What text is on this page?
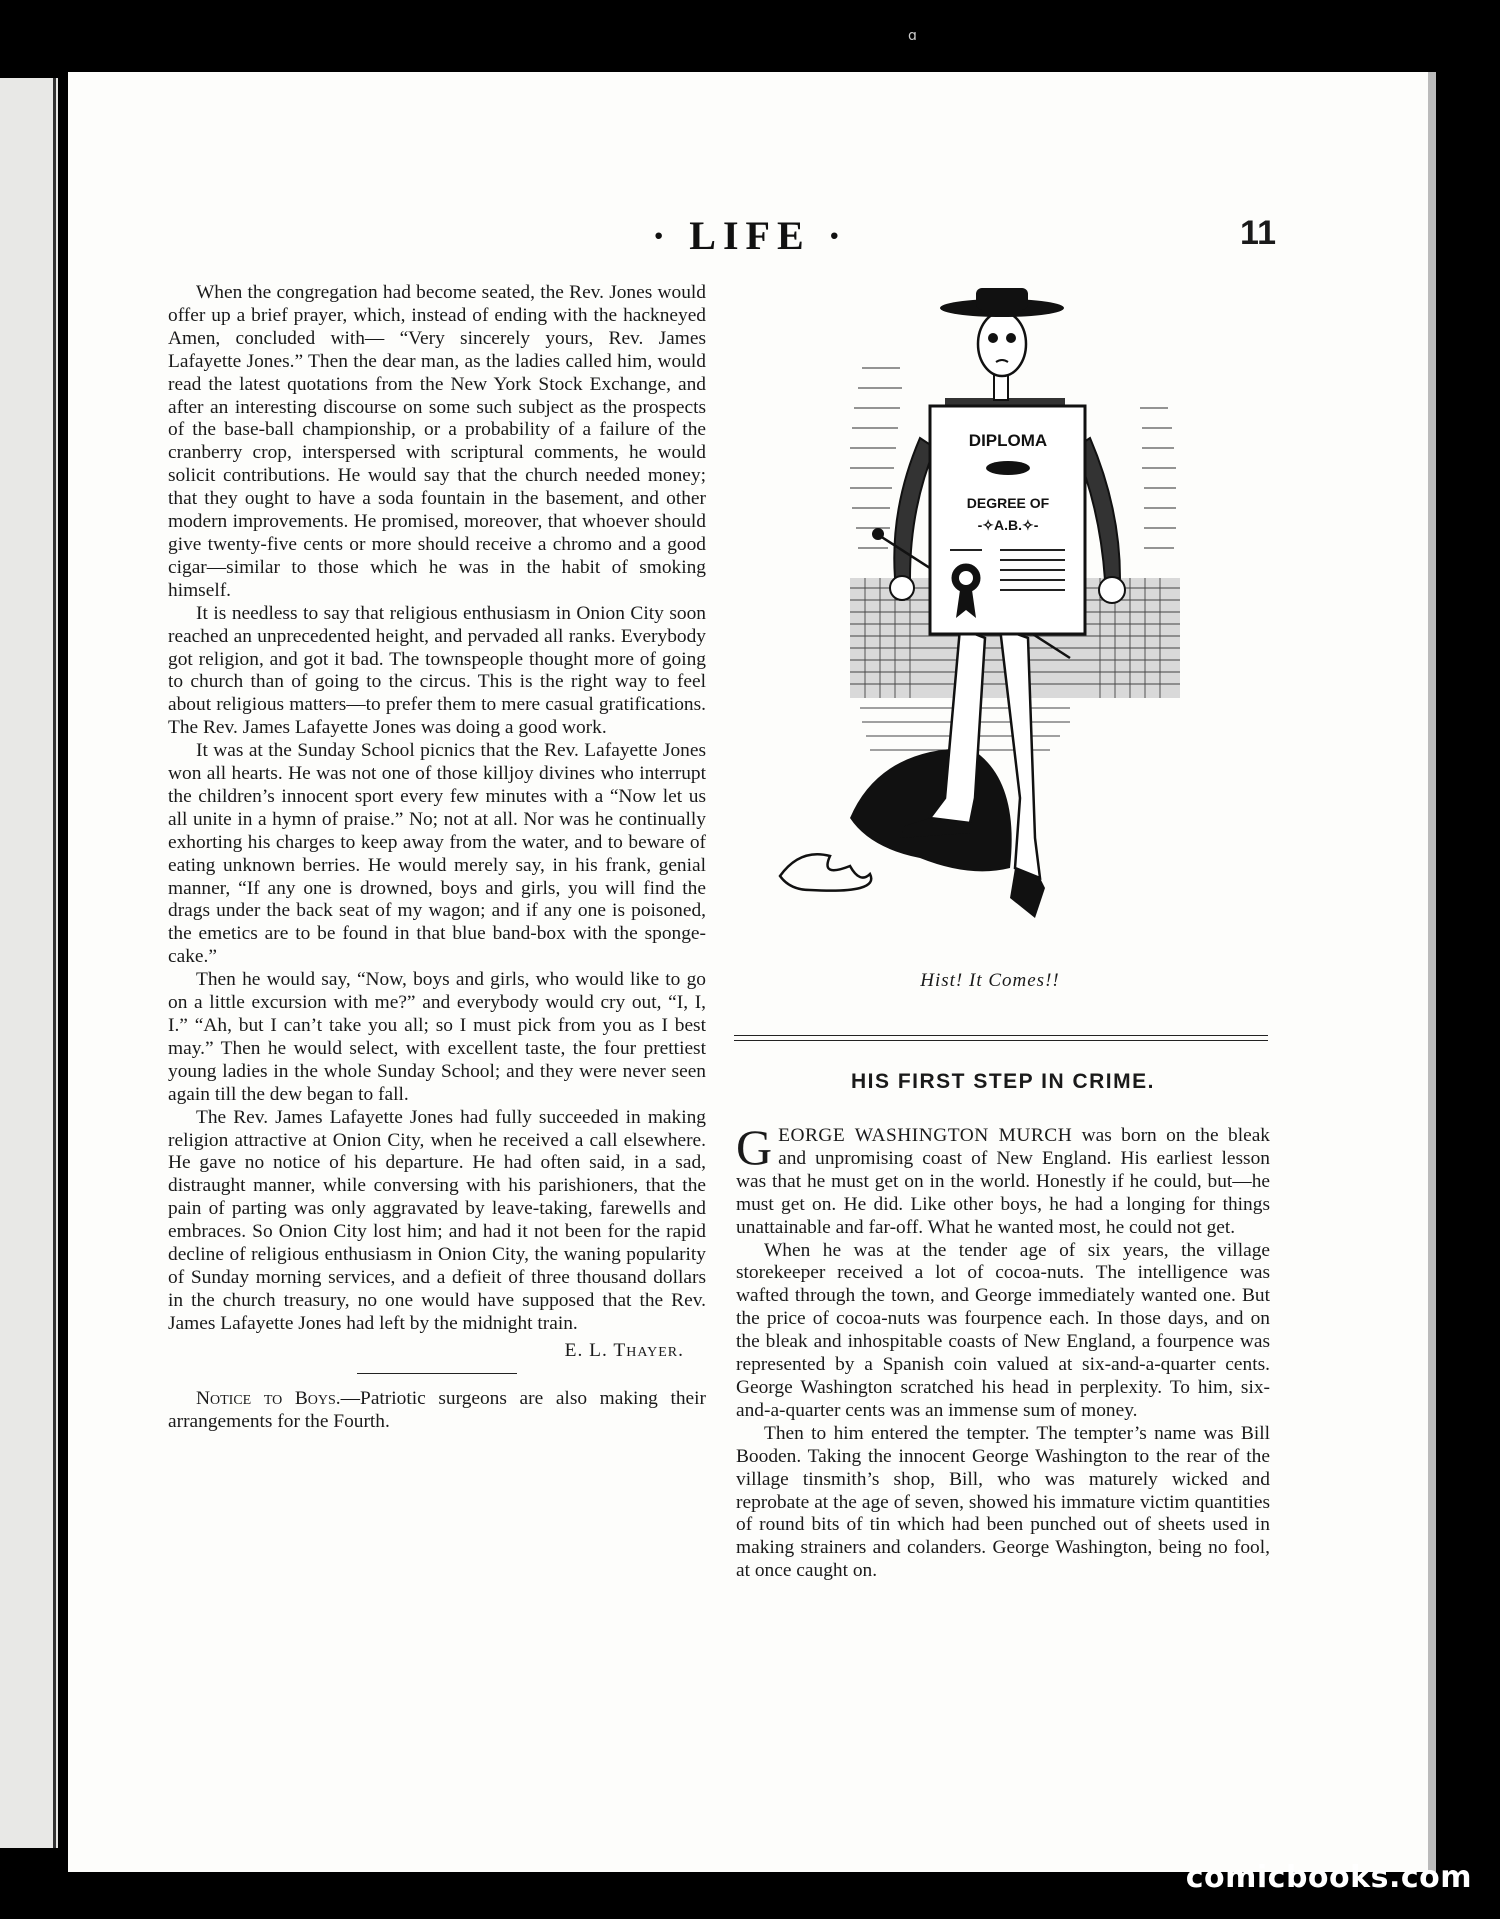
ɑ
· LIFE ·	11

When the congregation had become seated, the Rev. Jones would offer up a brief prayer, which, instead of ending with the hackneyed Amen, concluded with— “Very sincerely yours, Rev. James Lafayette Jones.” Then the dear man, as the ladies called him, would read the latest quotations from the New York Stock Exchange, and after an interesting discourse on some such subject as the prospects of the base-ball championship, or a probability of a failure of the cranberry crop, interspersed with scriptural comments, he would solicit contributions. He would say that the church needed money; that they ought to have a soda fountain in the basement, and other modern improvements. He promised, moreover, that whoever should give twenty-five cents or more should receive a chromo and a good cigar—similar to those which he was in the habit of smoking himself.

It is needless to say that religious enthusiasm in Onion City soon reached an unprecedented height, and pervaded all ranks. Everybody got religion, and got it bad. The townspeople thought more of going to church than of going to the circus. This is the right way to feel about religious matters—to prefer them to mere casual gratifications. The Rev. James Lafayette Jones was doing a good work.

It was at the Sunday School picnics that the Rev. Lafayette Jones won all hearts. He was not one of those killjoy divines who interrupt the children’s innocent sport every few minutes with a “Now let us all unite in a hymn of praise.” No; not at all. Nor was he continually exhorting his charges to keep away from the water, and to beware of eating unknown berries. He would merely say, in his frank, genial manner, “If any one is drowned, boys and girls, you will find the drags under the back seat of my wagon; and if any one is poisoned, the emetics are to be found in that blue band-box with the sponge-cake.”

Then he would say, “Now, boys and girls, who would like to go on a little excursion with me?” and everybody would cry out, “I, I, I.” “Ah, but I can’t take you all; so I must pick from you as I best may.” Then he would select, with excellent taste, the four prettiest young ladies in the whole Sunday School; and they were never seen again till the dew began to fall.

The Rev. James Lafayette Jones had fully succeeded in making religion attractive at Onion City, when he received a call elsewhere. He gave no notice of his departure. He had often said, in a sad, distraught manner, while conversing with his parishioners, that the pain of parting was only aggravated by leave-taking, farewells and embraces. So Onion City lost him; and had it not been for the rapid decline of religious enthusiasm in Onion City, the waning popularity of Sunday morning services, and a defieit of three thousand dollars in the church treasury, no one would have supposed that the Rev. James Lafayette Jones had left by the midnight train.

E. L. Thayer.

Notice to Boys.—Patriotic surgeons are also making their arrangements for the Fourth.

DIPLOMA
DEGREE OF
-✧A.B.✧-
Hist! It Comes!!
HIS FIRST STEP IN CRIME.

GEORGE WASHINGTON MURCH was born on the bleak and unpromising coast of New England. His earliest lesson was that he must get on in the world. Honestly if he could, but—he must get on. He did. Like other boys, he had a longing for things unattainable and far-off. What he wanted most, he could not get.

When he was at the tender age of six years, the village storekeeper received a lot of cocoa-nuts. The intelligence was wafted through the town, and George immediately wanted one. But the price of cocoa-nuts was fourpence each. In those days, and on the bleak and inhospitable coasts of New England, a fourpence was represented by a Spanish coin valued at six-and-a-quarter cents. George Washington scratched his head in perplexity. To him, six-and-a-quarter cents was an immense sum of money.

Then to him entered the tempter. The tempter’s name was Bill Booden. Taking the innocent George Washington to the rear of the village tinsmith’s shop, Bill, who was maturely wicked and reprobate at the age of seven, showed his immature victim quantities of round bits of tin which had been punched out of sheets used in making strainers and colanders. George Washington, being no fool, at once caught on.

comicbooks.com
